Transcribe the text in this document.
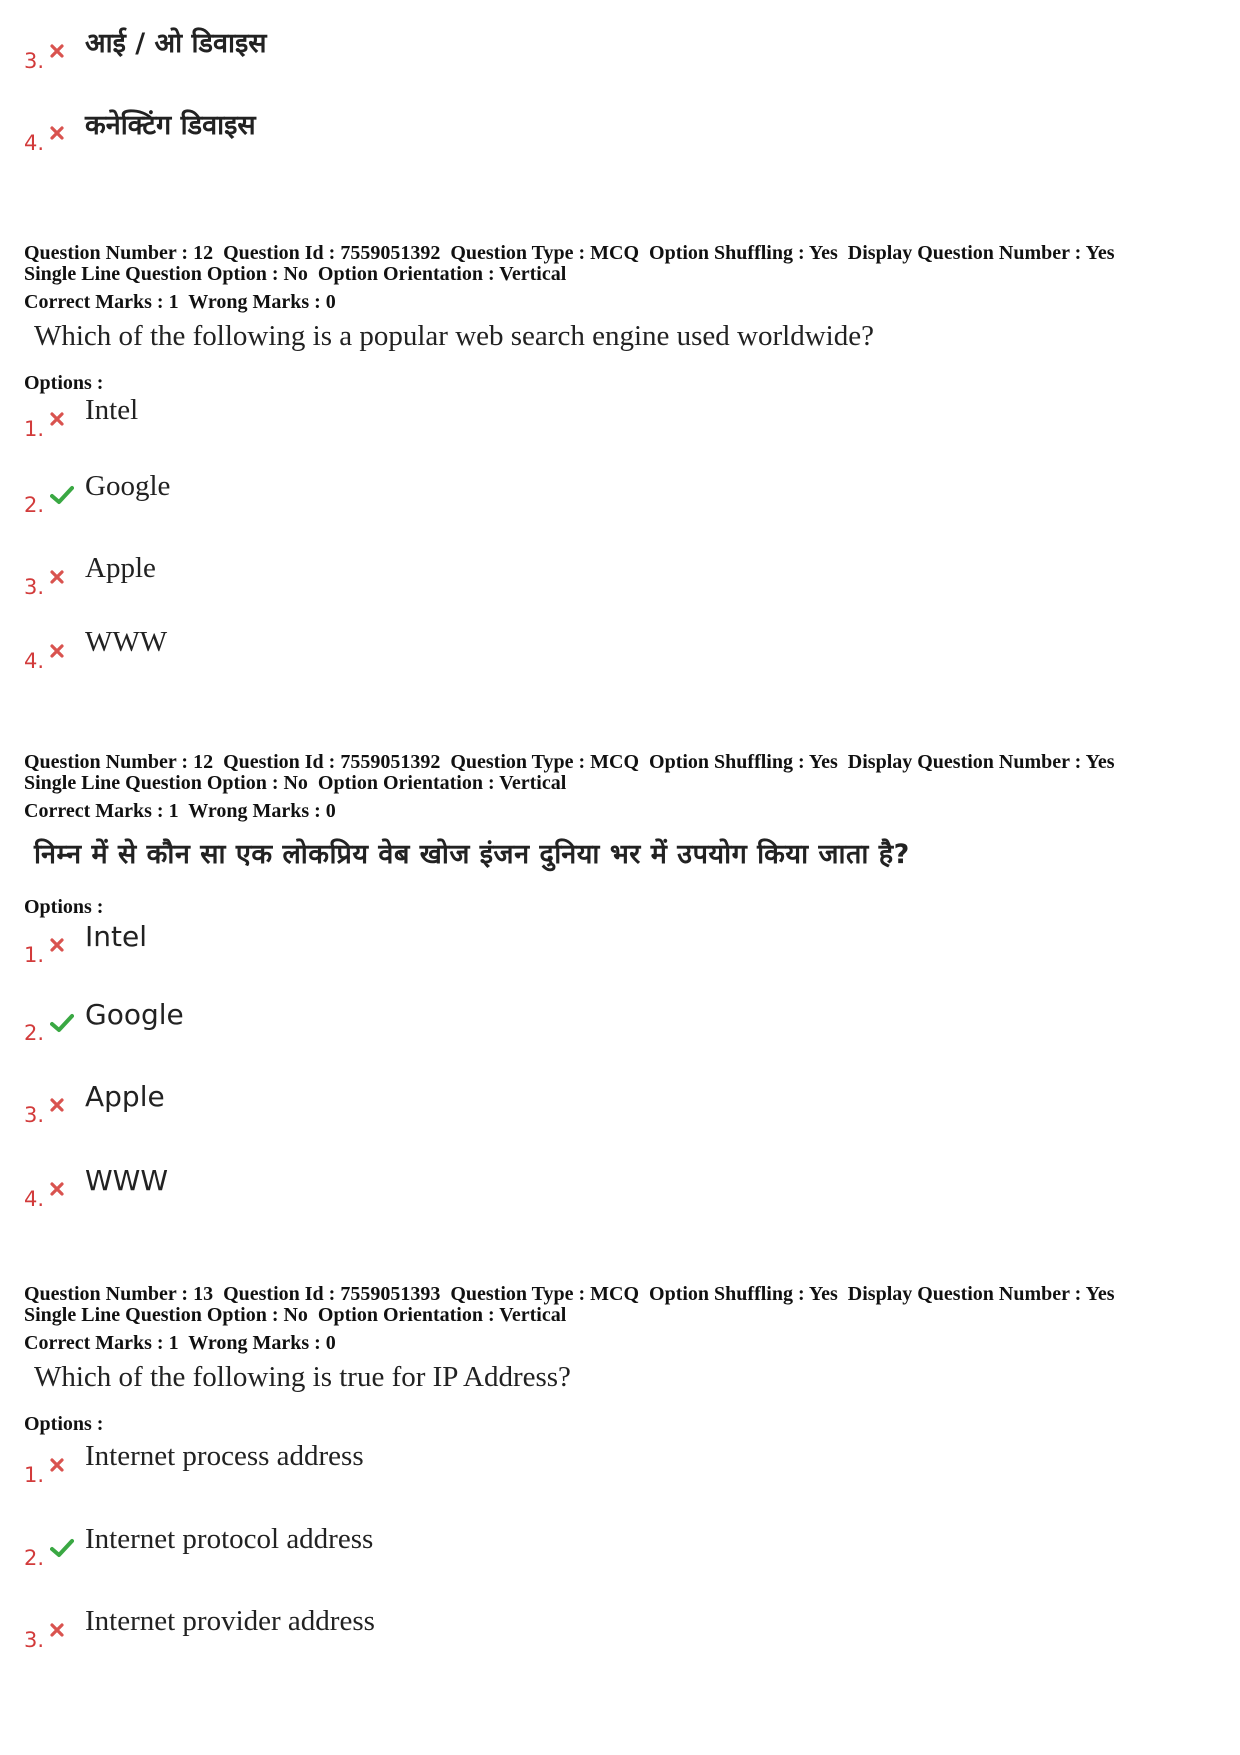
3.
आई / ओ डिवाइस
4.
कनेक्टिंग डिवाइस
Question Number : 12  Question Id : 7559051392  Question Type : MCQ  Option Shuffling : Yes  Display Question Number : Yes
Single Line Question Option : No  Option Orientation : Vertical
Correct Marks : 1  Wrong Marks : 0
Which of the following is a popular web search engine used worldwide?
Options :
1.
Intel
2.
Google
3.
Apple
4.
WWW
Question Number : 12  Question Id : 7559051392  Question Type : MCQ  Option Shuffling : Yes  Display Question Number : Yes
Single Line Question Option : No  Option Orientation : Vertical
Correct Marks : 1  Wrong Marks : 0
निम्न में से कौन सा एक लोकप्रिय वेब खोज इंजन दुनिया भर में उपयोग किया जाता है?
Options :
1.
Intel
2.
Google
3.
Apple
4.
WWW
Question Number : 13  Question Id : 7559051393  Question Type : MCQ  Option Shuffling : Yes  Display Question Number : Yes
Single Line Question Option : No  Option Orientation : Vertical
Correct Marks : 1  Wrong Marks : 0
Which of the following is true for IP Address?
Options :
1.
Internet process address
2.
Internet protocol address
3.
Internet provider address
